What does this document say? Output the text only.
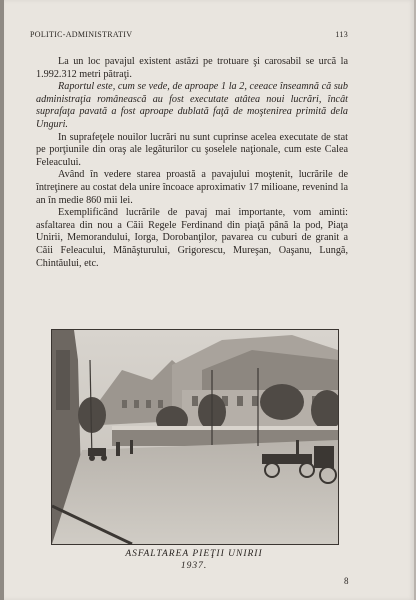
POLITIC-ADMINISTRATIV	113

La un loc pavajul existent astăzi pe trotuare şi carosabil se urcă la 1.992.312 metri pătraţi.

Raportul este, cum se vede, de aproape 1 la 2, ceeace înseamnă că sub administraţia românească au fost executate atâtea noui lucrări, încât suprafaţa pavată a fost aproape dublată faţă de moştenirea primită dela Unguri.

In suprafeţele nouilor lucrări nu sunt cuprinse acelea executate de stat pe porţiunile din oraş ale legăturilor cu şoselele naţionale, cum este Calea Feleacului.

Având în vedere starea proastă a pavajului moştenit, lucrările de întreţinere au costat dela unire încoace aproximativ 17 milioane, revenind la an în medie 860 mii lei.

Exemplificând lucrările de pavaj mai importante, vom aminti: asfaltarea din nou a Căii Regele Ferdinand din piaţă până la pod, Piaţa Unirii, Memorandului, Iorga, Dorobanţilor, pavarea cu cuburi de granit a Căii Feleacului, Mănăşturului, Grigorescu, Mureşan, Oaşanu, Lungă, Chintăului, etc.

ASFALTAREA PIEŢII UNIRII
1937.
8
